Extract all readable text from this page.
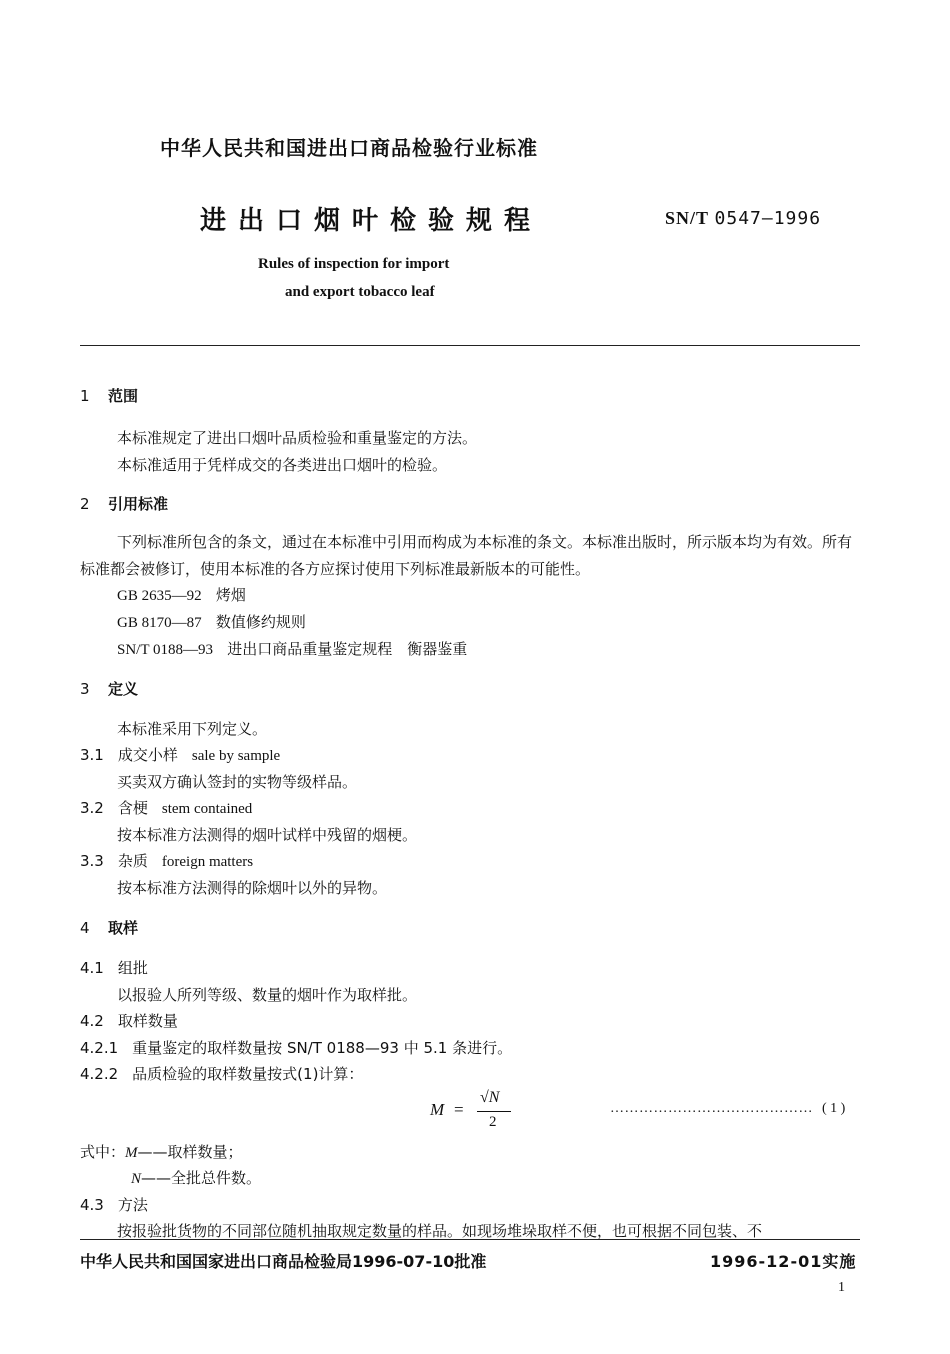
中华人民共和国进出口商品检验行业标准
进出口烟叶检验规程	SN/T 0547—1996
Rules of inspection for import
and export tobacco leaf
1 范围
本标准规定了进出口烟叶品质检验和重量鉴定的方法。
本标准适用于凭样成交的各类进出口烟叶的检验。
2 引用标准
下列标准所包含的条文，通过在本标准中引用而构成为本标准的条文。本标准出版时，所示版本均为有效。所有标准都会被修订，使用本标准的各方应探讨使用下列标准最新版本的可能性。
GB 2635—92 烤烟
GB 8170—87 数值修约规则
SN/T 0188—93 进出口商品重量鉴定规程　衡器鉴重
3 定义
本标准采用下列定义。
3.1 成交小样 sale by sample
买卖双方确认签封的实物等级样品。
3.2 含梗 stem contained
按本标准方法测得的烟叶试样中残留的烟梗。
3.3 杂质 foreign matters
按本标准方法测得的除烟叶以外的异物。
4 取样
4.1 组批
以报验人所列等级、数量的烟叶作为取样批。
4.2 取样数量
4.2.1 重量鉴定的取样数量按 SN/T 0188—93 中 5.1 条进行。
4.2.2 品质检验的取样数量按式(1)计算：
M =
√N
2
…………………………………… ( 1 )
式中：M——取样数量；
N——全批总件数。
4.3 方法
按报验批货物的不同部位随机抽取规定数量的样品。如现场堆垛取样不便，也可根据不同包装、不
中华人民共和国国家进出口商品检验局1996-07-10批准	1996-12-01实施
1
